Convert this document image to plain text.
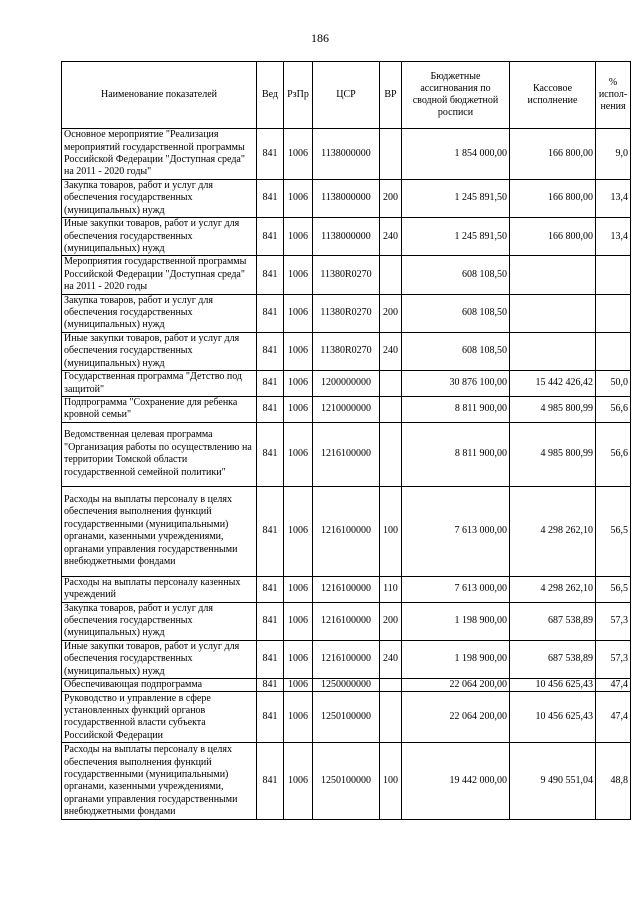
186
Наименование показателей	Вед	РзПр	ЦСР	ВР	Бюджетные ассигнования по сводной бюджетной росписи	Кассовое исполнение	% испол-нения
Основное мероприятие "Реализация мероприятий государственной программы Российской Федерации "Доступная среда" на 2011 - 2020 годы"	841	1006	1138000000		1 854 000,00	166 800,00	9,0
Закупка товаров, работ и услуг для обеспечения государственных (муниципальных) нужд	841	1006	1138000000	200	1 245 891,50	166 800,00	13,4
Иные закупки товаров, работ и услуг для обеспечения государственных (муниципальных) нужд	841	1006	1138000000	240	1 245 891,50	166 800,00	13,4
Мероприятия государственной программы Российской Федерации "Доступная среда" на 2011 - 2020 годы	841	1006	11380R0270		608 108,50		
Закупка товаров, работ и услуг для обеспечения государственных (муниципальных) нужд	841	1006	11380R0270	200	608 108,50		
Иные закупки товаров, работ и услуг для обеспечения государственных (муниципальных) нужд	841	1006	11380R0270	240	608 108,50		
Государственная программа "Детство под защитой"	841	1006	1200000000		30 876 100,00	15 442 426,42	50,0
Подпрограмма "Сохранение для ребенка кровной семьи"	841	1006	1210000000		8 811 900,00	4 985 800,99	56,6
Ведомственная целевая программа "Организация работы по осуществлению на территории Томской области государственной семейной политики"	841	1006	1216100000		8 811 900,00	4 985 800,99	56,6
Расходы на выплаты персоналу в целях обеспечения выполнения функций государственными (муниципальными) органами, казенными учреждениями, органами управления государственными внебюджетными фондами	841	1006	1216100000	100	7 613 000,00	4 298 262,10	56,5
Расходы на выплаты персоналу казенных учреждений	841	1006	1216100000	110	7 613 000,00	4 298 262,10	56,5
Закупка товаров, работ и услуг для обеспечения государственных (муниципальных) нужд	841	1006	1216100000	200	1 198 900,00	687 538,89	57,3
Иные закупки товаров, работ и услуг для обеспечения государственных (муниципальных) нужд	841	1006	1216100000	240	1 198 900,00	687 538,89	57,3
Обеспечивающая подпрограмма	841	1006	1250000000		22 064 200,00	10 456 625,43	47,4
Руководство и управление в сфере установленных функций органов государственной власти субъекта Российской Федерации	841	1006	1250100000		22 064 200,00	10 456 625,43	47,4
Расходы на выплаты персоналу в целях обеспечения выполнения функций государственными (муниципальными) органами, казенными учреждениями, органами управления государственными внебюджетными фондами	841	1006	1250100000	100	19 442 000,00	9 490 551,04	48,8
